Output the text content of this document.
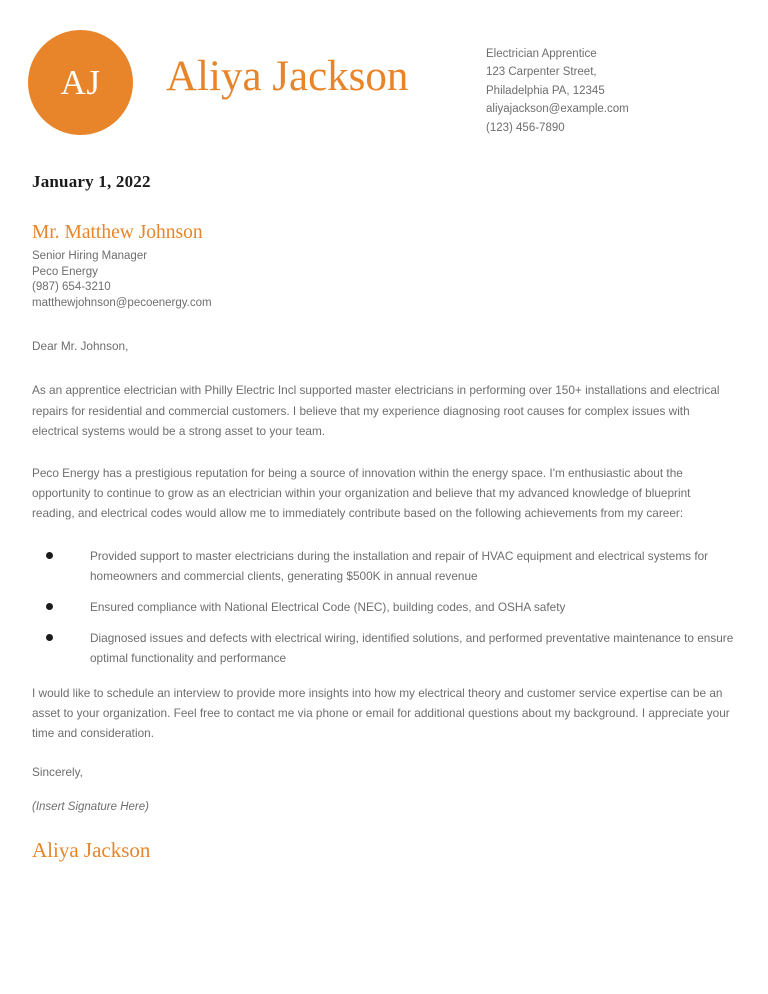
AJ Aliya Jackson	Electrician Apprentice
123 Carpenter Street,
Philadelphia PA, 12345
aliyajackson@example.com
(123) 456-7890
January 1, 2022
Mr. Matthew Johnson
Senior Hiring Manager
Peco Energy
(987) 654-3210
matthewjohnson@pecoenergy.com
Dear Mr. Johnson,

As an apprentice electrician with Philly Electric Incl supported master electricians in performing over 150+ installations and electrical repairs for residential and commercial customers. I believe that my experience diagnosing root causes for complex issues with electrical systems would be a strong asset to your team.

Peco Energy has a prestigious reputation for being a source of innovation within the energy space. I'm enthusiastic about the opportunity to continue to grow as an electrician within your organization and believe that my advanced knowledge of blueprint reading, and electrical codes would allow me to immediately contribute based on the following achievements from my career:

Provided support to master electricians during the installation and repair of HVAC equipment and electrical systems for homeowners and commercial clients, generating $500K in annual revenue
Ensured compliance with National Electrical Code (NEC), building codes, and OSHA safety
Diagnosed issues and defects with electrical wiring, identified solutions, and performed preventative maintenance to ensure optimal functionality and performance

I would like to schedule an interview to provide more insights into how my electrical theory and customer service expertise can be an asset to your organization. Feel free to contact me via phone or email for additional questions about my background. I appreciate your time and consideration.

Sincerely,

(Insert Signature Here)

Aliya Jackson
